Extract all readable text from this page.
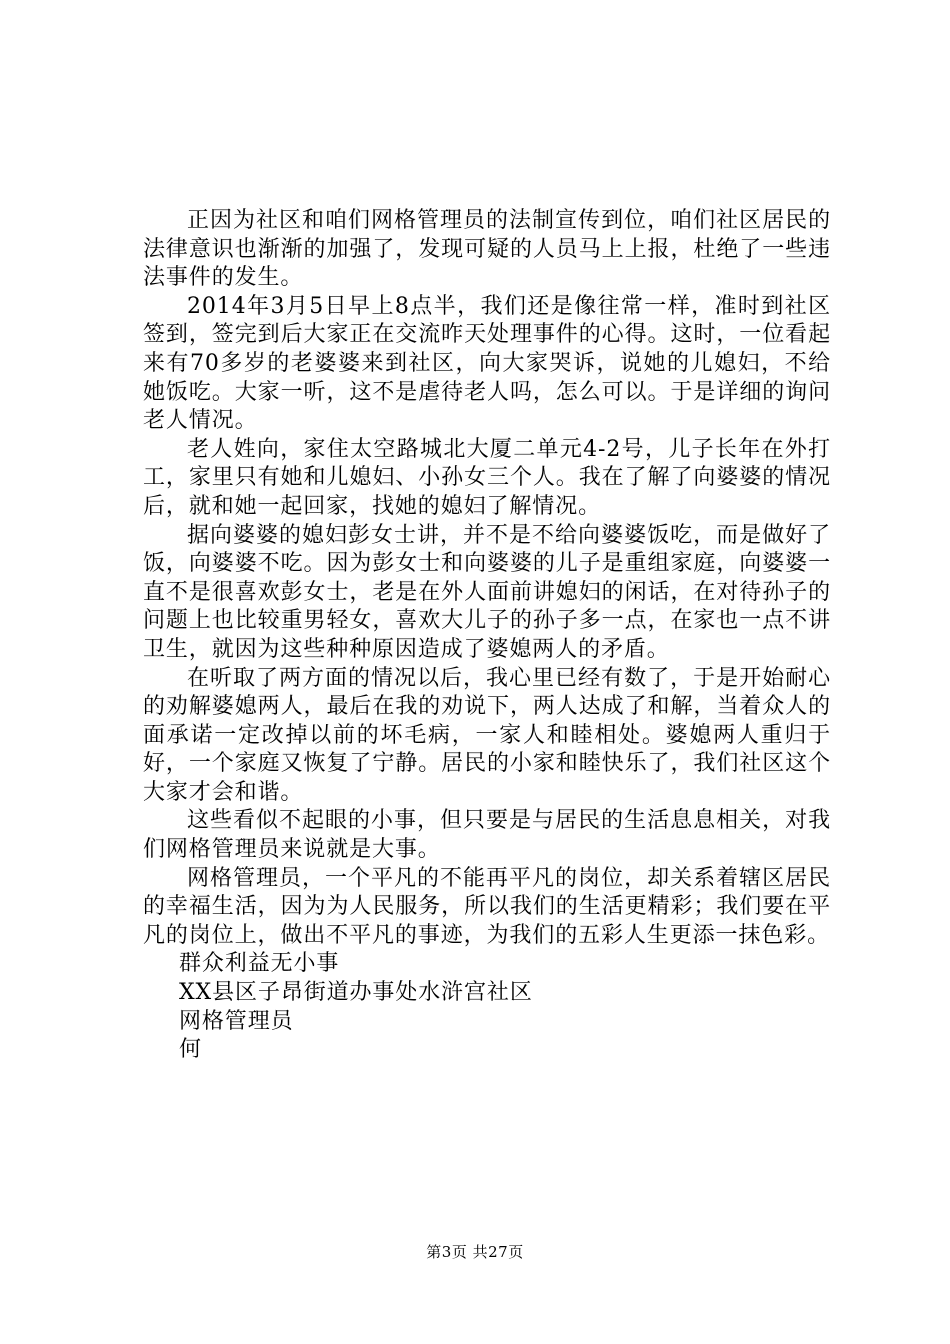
正因为社区和咱们网格管理员的法制宣传到位，咱们社区居民的法律意识也渐渐的加强了，发现可疑的人员马上上报，杜绝了一些违法事件的发生。

2014年3月5日早上8点半，我们还是像往常一样，准时到社区签到，签完到后大家正在交流昨天处理事件的心得。这时，一位看起来有70多岁的老婆婆来到社区，向大家哭诉，说她的儿媳妇，不给她饭吃。大家一听，这不是虐待老人吗，怎么可以。于是详细的询问老人情况。

老人姓向，家住太空路城北大厦二单元4-2号，儿子长年在外打工，家里只有她和儿媳妇、小孙女三个人。我在了解了向婆婆的情况后，就和她一起回家，找她的媳妇了解情况。

据向婆婆的媳妇彭女士讲，并不是不给向婆婆饭吃，而是做好了饭，向婆婆不吃。因为彭女士和向婆婆的儿子是重组家庭，向婆婆一直不是很喜欢彭女士，老是在外人面前讲媳妇的闲话，在对待孙子的问题上也比较重男轻女，喜欢大儿子的孙子多一点，在家也一点不讲卫生，就因为这些种种原因造成了婆媳两人的矛盾。

在听取了两方面的情况以后，我心里已经有数了，于是开始耐心的劝解婆媳两人，最后在我的劝说下，两人达成了和解，当着众人的面承诺一定改掉以前的坏毛病，一家人和睦相处。婆媳两人重归于好，一个家庭又恢复了宁静。居民的小家和睦快乐了，我们社区这个大家才会和谐。

这些看似不起眼的小事，但只要是与居民的生活息息相关，对我们网格管理员来说就是大事。

网格管理员，一个平凡的不能再平凡的岗位，却关系着辖区居民的幸福生活，因为为人民服务，所以我们的生活更精彩；我们要在平凡的岗位上，做出不平凡的事迹，为我们的五彩人生更添一抹色彩。

群众利益无小事

XX县区子昂街道办事处水浒宫社区

网格管理员

何

第3页 共27页
